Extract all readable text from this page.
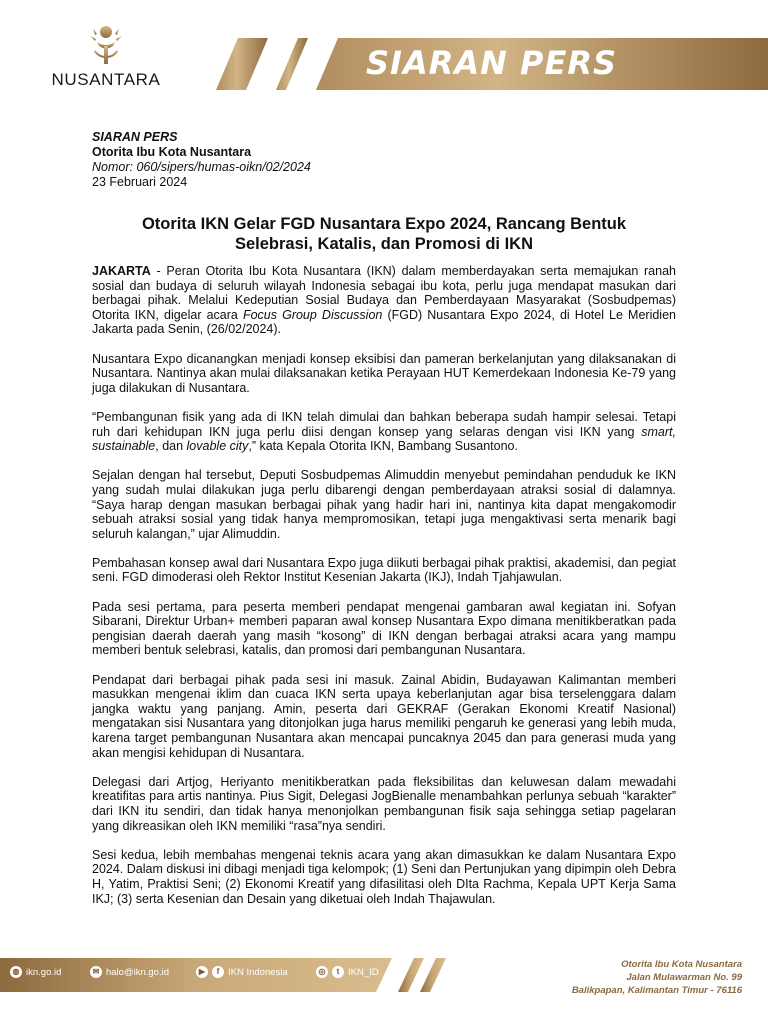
NUSANTARA	SIARAN PERS
SIARAN PERS
Otorita Ibu Kota Nusantara
Nomor: 060/sipers/humas-oikn/02/2024
23 Februari 2024
Otorita IKN Gelar FGD Nusantara Expo 2024, Rancang Bentuk
Selebrasi, Katalis, dan Promosi di IKN

JAKARTA - Peran Otorita Ibu Kota Nusantara (IKN) dalam memberdayakan serta memajukan ranah sosial dan budaya di seluruh wilayah Indonesia sebagai ibu kota, perlu juga mendapat masukan dari berbagai pihak. Melalui Kedeputian Sosial Budaya dan Pemberdayaan Masyarakat (Sosbudpemas) Otorita IKN, digelar acara Focus Group Discussion (FGD) Nusantara Expo 2024, di Hotel Le Meridien Jakarta pada Senin, (26/02/2024).

Nusantara Expo dicanangkan menjadi konsep eksibisi dan pameran berkelanjutan yang dilaksanakan di Nusantara. Nantinya akan mulai dilaksanakan ketika Perayaan HUT Kemerdekaan Indonesia Ke-79 yang juga dilakukan di Nusantara.

“Pembangunan fisik yang ada di IKN telah dimulai dan bahkan beberapa sudah hampir selesai. Tetapi ruh dari kehidupan IKN juga perlu diisi dengan konsep yang selaras dengan visi IKN yang smart, sustainable, dan lovable city,” kata Kepala Otorita IKN, Bambang Susantono.

Sejalan dengan hal tersebut, Deputi Sosbudpemas Alimuddin menyebut pemindahan penduduk ke IKN yang sudah mulai dilakukan juga perlu dibarengi dengan pemberdayaan atraksi sosial di dalamnya. “Saya harap dengan masukan berbagai pihak yang hadir hari ini, nantinya kita dapat mengakomodir sebuah atraksi sosial yang tidak hanya mempromosikan, tetapi juga mengaktivasi serta menarik bagi seluruh kalangan,” ujar Alimuddin.

Pembahasan konsep awal dari Nusantara Expo juga diikuti berbagai pihak praktisi, akademisi, dan pegiat seni. FGD dimoderasi oleh Rektor Institut Kesenian Jakarta (IKJ), Indah Tjahjawulan.

Pada sesi pertama, para peserta memberi pendapat mengenai gambaran awal kegiatan ini. Sofyan Sibarani, Direktur Urban+ memberi paparan awal konsep Nusantara Expo dimana menitikberatkan pada pengisian daerah daerah yang masih “kosong” di IKN dengan berbagai atraksi acara yang mampu memberi bentuk selebrasi, katalis, dan promosi dari pembangunan Nusantara.

Pendapat dari berbagai pihak pada sesi ini masuk. Zainal Abidin, Budayawan Kalimantan memberi masukkan mengenai iklim dan cuaca IKN serta upaya keberlanjutan agar bisa terselenggara dalam jangka waktu yang panjang. Amin, peserta dari GEKRAF (Gerakan Ekonomi Kreatif Nasional) mengatakan sisi Nusantara yang ditonjolkan juga harus memiliki pengaruh ke generasi yang lebih muda, karena target pembangunan Nusantara akan mencapai puncaknya 2045 dan para generasi muda yang akan mengisi kehidupan di Nusantara.

Delegasi dari Artjog, Heriyanto menitikberatkan pada fleksibilitas dan keluwesan dalam mewadahi kreatifitas para artis nantinya. Pius Sigit, Delegasi JogBienalle menambahkan perlunya sebuah “karakter” dari IKN itu sendiri, dan tidak hanya menonjolkan pembangunan fisik saja sehingga setiap pagelaran yang dikreasikan oleh IKN memiliki “rasa”nya sendiri.

Sesi kedua, lebih membahas mengenai teknis acara yang akan dimasukkan ke dalam Nusantara Expo 2024. Dalam diskusi ini dibagi menjadi tiga kelompok; (1) Seni dan Pertunjukan yang dipimpin oleh Debra H, Yatim, Praktisi Seni; (2) Ekonomi Kreatif yang difasilitasi oleh DIta Rachma, Kepala UPT Kerja Sama IKJ; (3) serta Kesenian dan Desain yang diketuai oleh Indah Thajawulan.

◍ ikn.go.id	✉ halo@ikn.go.id	▶	f IKN Indonesia	◎	t IKN_ID
Otorita Ibu Kota Nusantara
Jalan Mulawarman No. 99
Balikpapan, Kalimantan Timur - 76116
